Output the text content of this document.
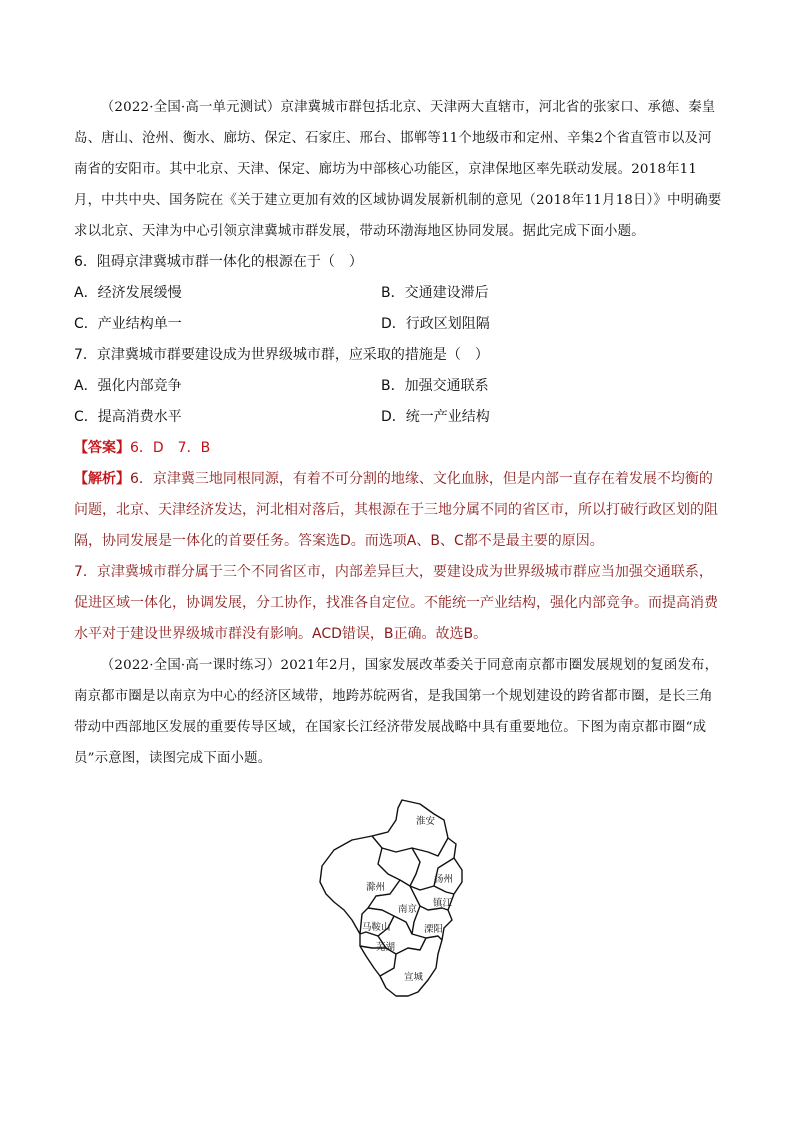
（2022·全国·高一单元测试）京津冀城市群包括北京、天津两大直辖市，河北省的张家口、承德、秦皇岛、唐山、沧州、衡水、廊坊、保定、石家庄、邢台、邯郸等11个地级市和定州、辛集2个省直管市以及河南省的安阳市。其中北京、天津、保定、廊坊为中部核心功能区，京津保地区率先联动发展。2018年11月，中共中央、国务院在《关于建立更加有效的区域协调发展新机制的意见（2018年11月18日）》中明确要求以北京、天津为中心引领京津冀城市群发展，带动环渤海地区协同发展。据此完成下面小题。

6．阻碍京津冀城市群一体化的根源在于（　）

A．经济发展缓慢	B．交通建设滞后
C．产业结构单一	D．行政区划阻隔

7．京津冀城市群要建设成为世界级城市群，应采取的措施是（　）

A．强化内部竞争	B．加强交通联系
C．提高消费水平	D．统一产业结构

【答案】6．D　7．B

【解析】6．京津冀三地同根同源，有着不可分割的地缘、文化血脉，但是内部一直存在着发展不均衡的问题，北京、天津经济发达，河北相对落后，其根源在于三地分属不同的省区市，所以打破行政区划的阻隔，协同发展是一体化的首要任务。答案选D。而选项A、B、C都不是最主要的原因。

7．京津冀城市群分属于三个不同省区市，内部差异巨大，要建设成为世界级城市群应当加强交通联系，促进区域一体化，协调发展，分工协作，找准各自定位。不能统一产业结构，强化内部竞争。而提高消费水平对于建设世界级城市群没有影响。ACD错误，B正确。故选B。

（2022·全国·高一课时练习）2021年2月，国家发展改革委关于同意南京都市圈发展规划的复函发布，南京都市圈是以南京为中心的经济区域带，地跨苏皖两省，是我国第一个规划建设的跨省都市圈，是长三角带动中西部地区发展的重要传导区域，在国家长江经济带发展战略中具有重要地位。下图为南京都市圈“成员”示意图，读图完成下面小题。

淮安
扬州
滁州
南京
镇江
马鞍山	溧阳
芜湖
宣城
